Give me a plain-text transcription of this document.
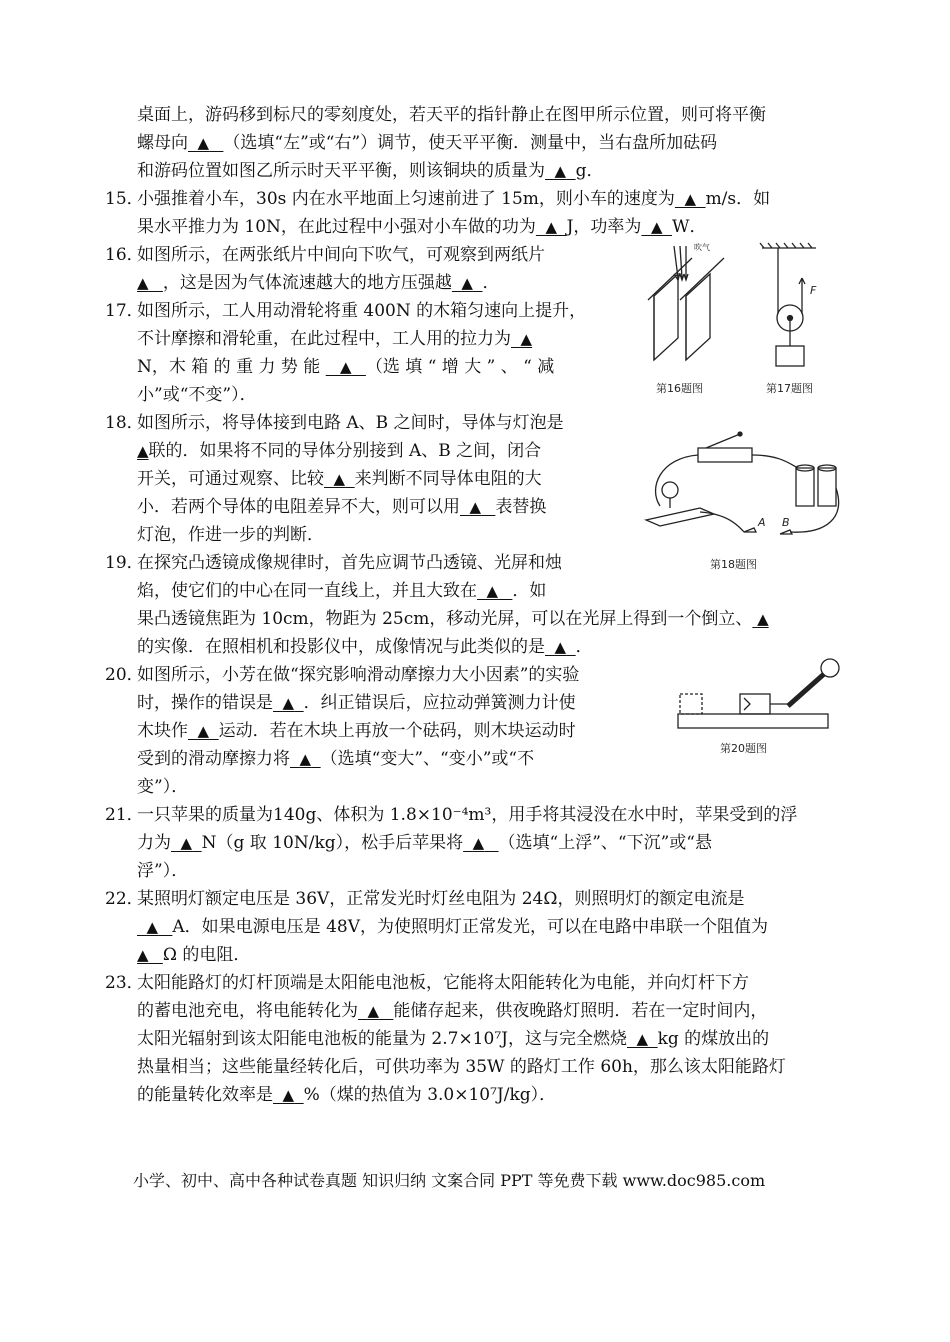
桌面上，游码移到标尺的零刻度处，若天平的指针静止在图甲所示位置，则可将平衡
螺母向 ▲ （选填“左”或“右”）调节，使天平平衡．测量中，当右盘所加砝码
和游码位置如图乙所示时天平平衡，则该铜块的质量为 ▲ g．
15．
小强推着小车，30s 内在水平地面上匀速前进了 15m，则小车的速度为 ▲ m/s．如
果水平推力为 10N，在此过程中小强对小车做的功为 ▲ J，功率为 ▲ W．
16．
如图所示，在两张纸片中间向下吹气，可观察到两纸片
▲ ，这是因为气体流速越大的地方压强越 ▲ ．
17．
如图所示，工人用动滑轮将重 400N 的木箱匀速向上提升，
不计摩擦和滑轮重，在此过程中，工人用的拉力为 ▲
N，木 箱 的 重 力 势 能 ▲ （选 填 “ 增 大 ” 、 “ 减
小”或“不变”）．
18．
如图所示，将导体接到电路 A、B 之间时，导体与灯泡是
▲联的．如果将不同的导体分别接到 A、B 之间，闭合
开关，可通过观察、比较 ▲ 来判断不同导体电阻的大
小．若两个导体的电阻差异不大，则可以用 ▲ 表替换
灯泡，作进一步的判断．
19．
在探究凸透镜成像规律时，首先应调节凸透镜、光屏和烛
焰，使它们的中心在同一直线上，并且大致在 ▲ ．如
果凸透镜焦距为 10cm，物距为 25cm，移动光屏，可以在光屏上得到一个倒立、 ▲
的实像．在照相机和投影仪中，成像情况与此类似的是 ▲ ．
20．
如图所示，小芳在做“探究影响滑动摩擦力大小因素”的实验
时，操作的错误是 ▲ ．纠正错误后，应拉动弹簧测力计使
木块作 ▲ 运动．若在木块上再放一个砝码，则木块运动时
受到的滑动摩擦力将 ▲ （选填“变大”、“变小”或“不
变”）．
21．
一只苹果的质量为140g、体积为 1.8×10⁻⁴m³，用手将其浸没在水中时，苹果受到的浮
力为 ▲ N（g 取 10N/kg），松手后苹果将 ▲ （选填“上浮”、“下沉”或“悬
浮”）．
22．
某照明灯额定电压是 36V，正常发光时灯丝电阻为 24Ω，则照明灯的额定电流是
▲ A．如果电源电压是 48V，为使照明灯正常发光，可以在电路中串联一个阻值为
▲ Ω 的电阻．
23．
太阳能路灯的灯杆顶端是太阳能电池板，它能将太阳能转化为电能，并向灯杆下方
的蓄电池充电，将电能转化为 ▲ 能储存起来，供夜晚路灯照明．若在一定时间内，
太阳光辐射到该太阳能电池板的能量为 2.7×10⁷J，这与完全燃烧 ▲ kg 的煤放出的
热量相当；这些能量经转化后，可供功率为 35W 的路灯工作 60h，那么该太阳能路灯
的能量转化效率是 ▲ %（煤的热值为 3.0×10⁷J/kg）．
吹气
F
第16题图	第17题图
A B
第18题图
第20题图
小学、初中、高中各种试卷真题 知识归纳 文案合同 PPT 等免费下载 www.doc985.com
